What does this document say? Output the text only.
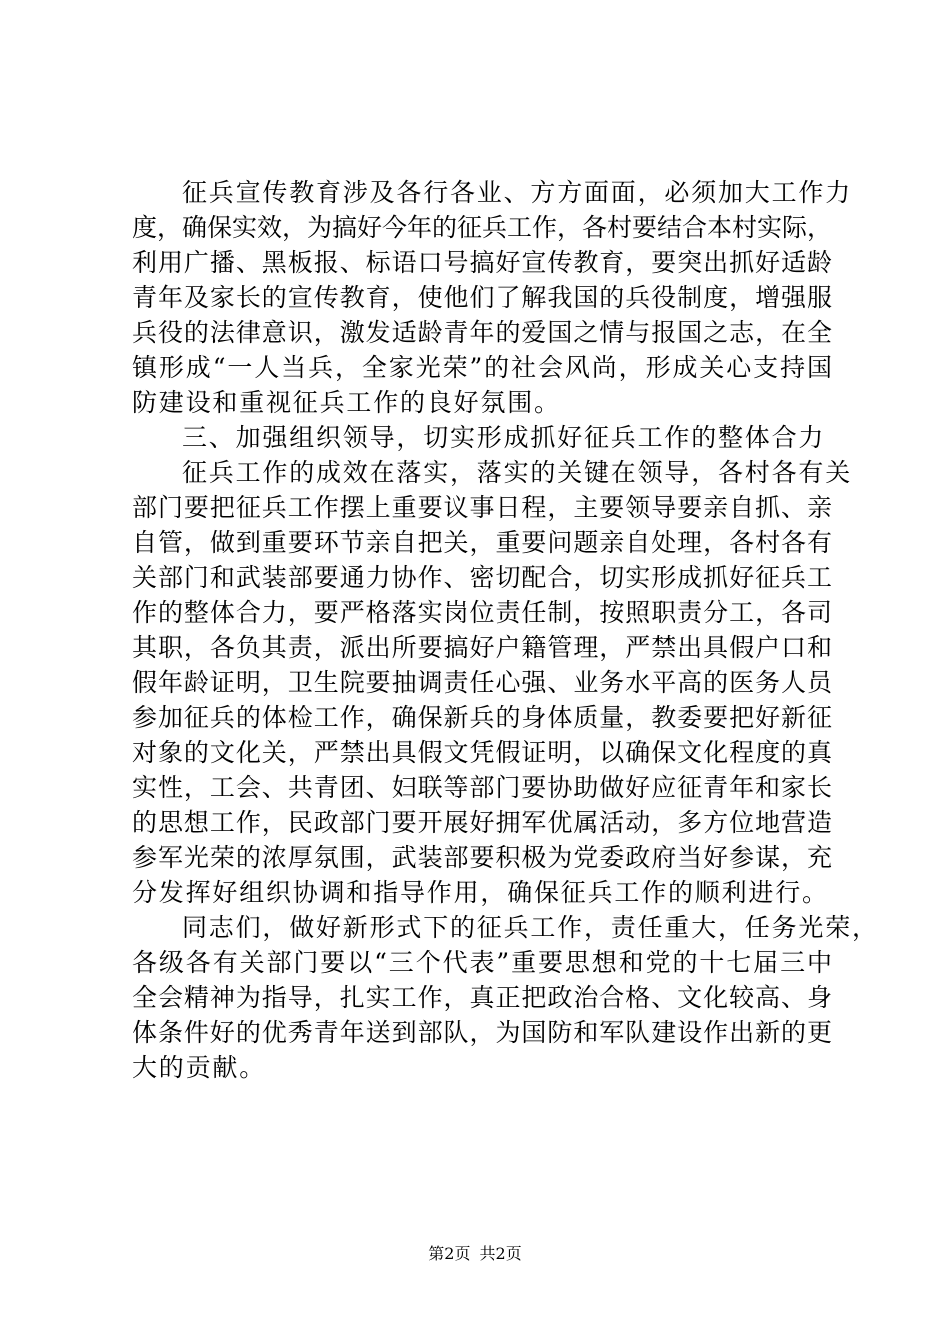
征兵宣传教育涉及各行各业、方方面面，必须加大工作力
度，确保实效，为搞好今年的征兵工作，各村要结合本村实际，
利用广播、黑板报、标语口号搞好宣传教育，要突出抓好适龄
青年及家长的宣传教育，使他们了解我国的兵役制度，增强服
兵役的法律意识，激发适龄青年的爱国之情与报国之志，在全
镇形成“一人当兵，全家光荣”的社会风尚，形成关心支持国
防建设和重视征兵工作的良好氛围。
三、加强组织领导，切实形成抓好征兵工作的整体合力
征兵工作的成效在落实，落实的关键在领导，各村各有关
部门要把征兵工作摆上重要议事日程，主要领导要亲自抓、亲
自管，做到重要环节亲自把关，重要问题亲自处理，各村各有
关部门和武装部要通力协作、密切配合，切实形成抓好征兵工
作的整体合力，要严格落实岗位责任制，按照职责分工，各司
其职，各负其责，派出所要搞好户籍管理，严禁出具假户口和
假年龄证明，卫生院要抽调责任心强、业务水平高的医务人员
参加征兵的体检工作，确保新兵的身体质量，教委要把好新征
对象的文化关，严禁出具假文凭假证明，以确保文化程度的真
实性，工会、共青团、妇联等部门要协助做好应征青年和家长
的思想工作，民政部门要开展好拥军优属活动，多方位地营造
参军光荣的浓厚氛围，武装部要积极为党委政府当好参谋，充
分发挥好组织协调和指导作用，确保征兵工作的顺利进行。
同志们，做好新形式下的征兵工作，责任重大，任务光荣，
各级各有关部门要以“三个代表”重要思想和党的十七届三中
全会精神为指导，扎实工作，真正把政治合格、文化较高、身
体条件好的优秀青年送到部队，为国防和军队建设作出新的更
大的贡献。
第2页 共2页
